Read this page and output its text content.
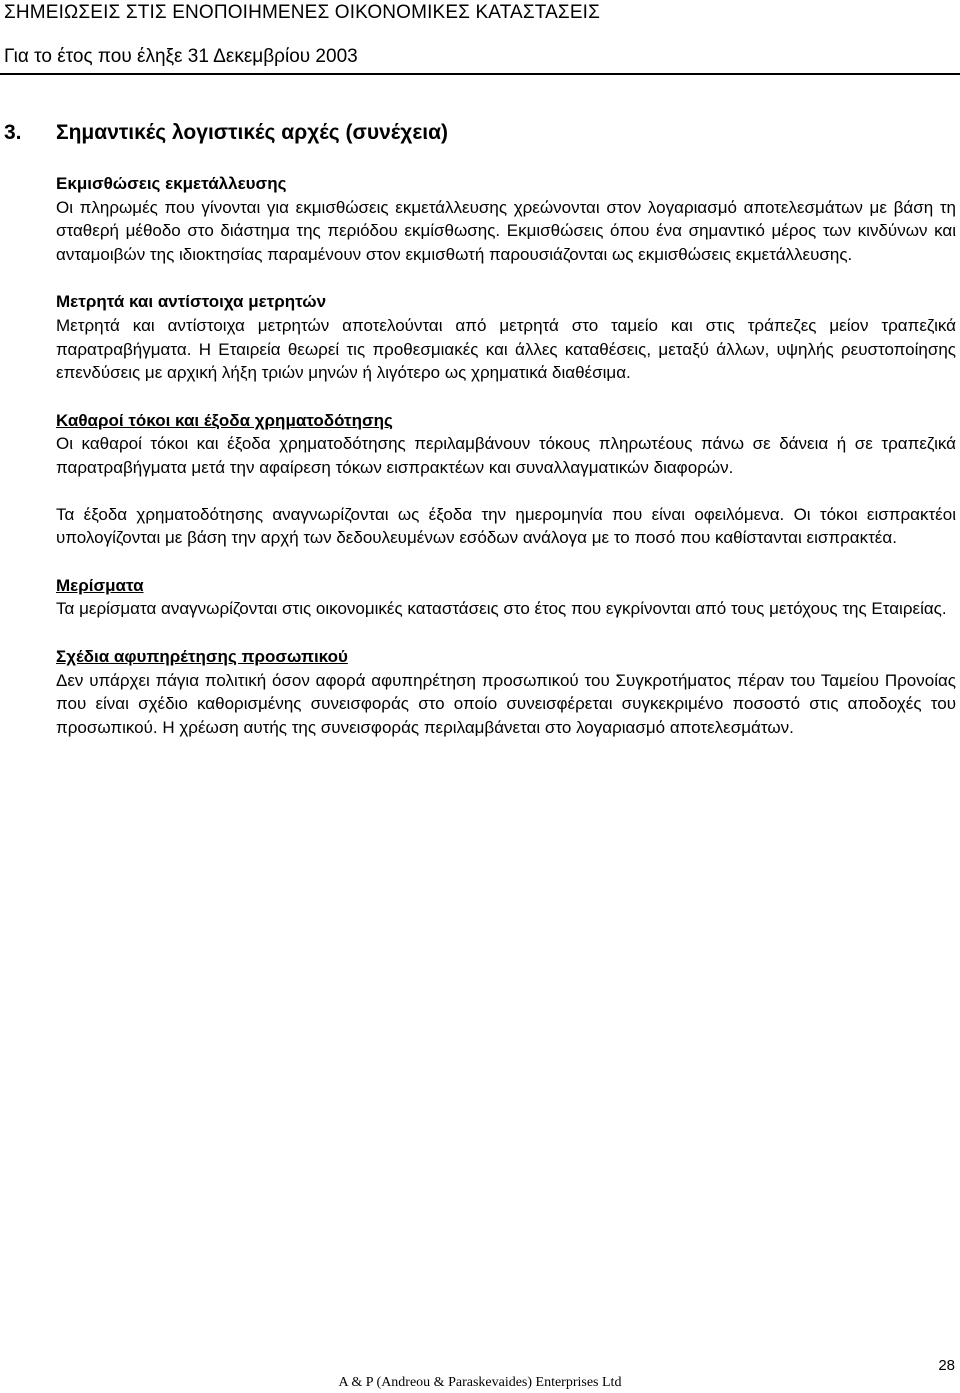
ΣΗΜΕΙΩΣΕΙΣ ΣΤΙΣ ΕΝΟΠΟΙΗΜΕΝΕΣ ΟΙΚΟΝΟΜΙΚΕΣ ΚΑΤΑΣΤΑΣΕΙΣ
Για το έτος που έληξε 31 Δεκεμβρίου 2003
3. Σημαντικές λογιστικές αρχές (συνέχεια)

Εκμισθώσεις εκμετάλλευσης

Οι πληρωμές που γίνονται για εκμισθώσεις εκμετάλλευσης χρεώνονται στον λογαριασμό αποτελεσμάτων με βάση τη σταθερή μέθοδο στο διάστημα της περιόδου εκμίσθωσης. Εκμισθώσεις όπου ένα σημαντικό μέρος των κινδύνων και ανταμοιβών της ιδιοκτησίας παραμένουν στον εκμισθωτή παρουσιάζονται ως εκμισθώσεις εκμετάλλευσης.

Μετρητά και αντίστοιχα μετρητών

Μετρητά και αντίστοιχα μετρητών αποτελούνται από μετρητά στο ταμείο και στις τράπεζες μείον τραπεζικά παρατραβήγματα. Η Εταιρεία θεωρεί τις προθεσμιακές και άλλες καταθέσεις, μεταξύ άλλων, υψηλής ρευστοποίησης επενδύσεις με αρχική λήξη τριών μηνών ή λιγότερο ως χρηματικά διαθέσιμα.

Καθαροί τόκοι και έξοδα χρηματοδότησης

Οι καθαροί τόκοι και έξοδα χρηματοδότησης περιλαμβάνουν τόκους πληρωτέους πάνω σε δάνεια ή σε τραπεζικά παρατραβήγματα μετά την αφαίρεση τόκων εισπρακτέων και συναλλαγματικών διαφορών.

Τα έξοδα χρηματοδότησης αναγνωρίζονται ως έξοδα την ημερομηνία που είναι οφειλόμενα. Οι τόκοι εισπρακτέοι υπολογίζονται με βάση την αρχή των δεδουλευμένων εσόδων ανάλογα με το ποσό που καθίστανται εισπρακτέα.

Μερίσματα

Τα μερίσματα αναγνωρίζονται στις οικονομικές καταστάσεις στο έτος που εγκρίνονται από τους μετόχους της Εταιρείας.

Σχέδια αφυπηρέτησης προσωπικού

Δεν υπάρχει πάγια πολιτική όσον αφορά αφυπηρέτηση προσωπικού του Συγκροτήματος πέραν του Ταμείου Προνοίας που είναι σχέδιο καθορισμένης συνεισφοράς στο οποίο συνεισφέρεται συγκεκριμένο ποσοστό στις αποδοχές του προσωπικού. Η χρέωση αυτής της συνεισφοράς περιλαμβάνεται στο λογαριασμό αποτελεσμάτων.

28
A & P (Andreou & Paraskevaides) Enterprises Ltd
